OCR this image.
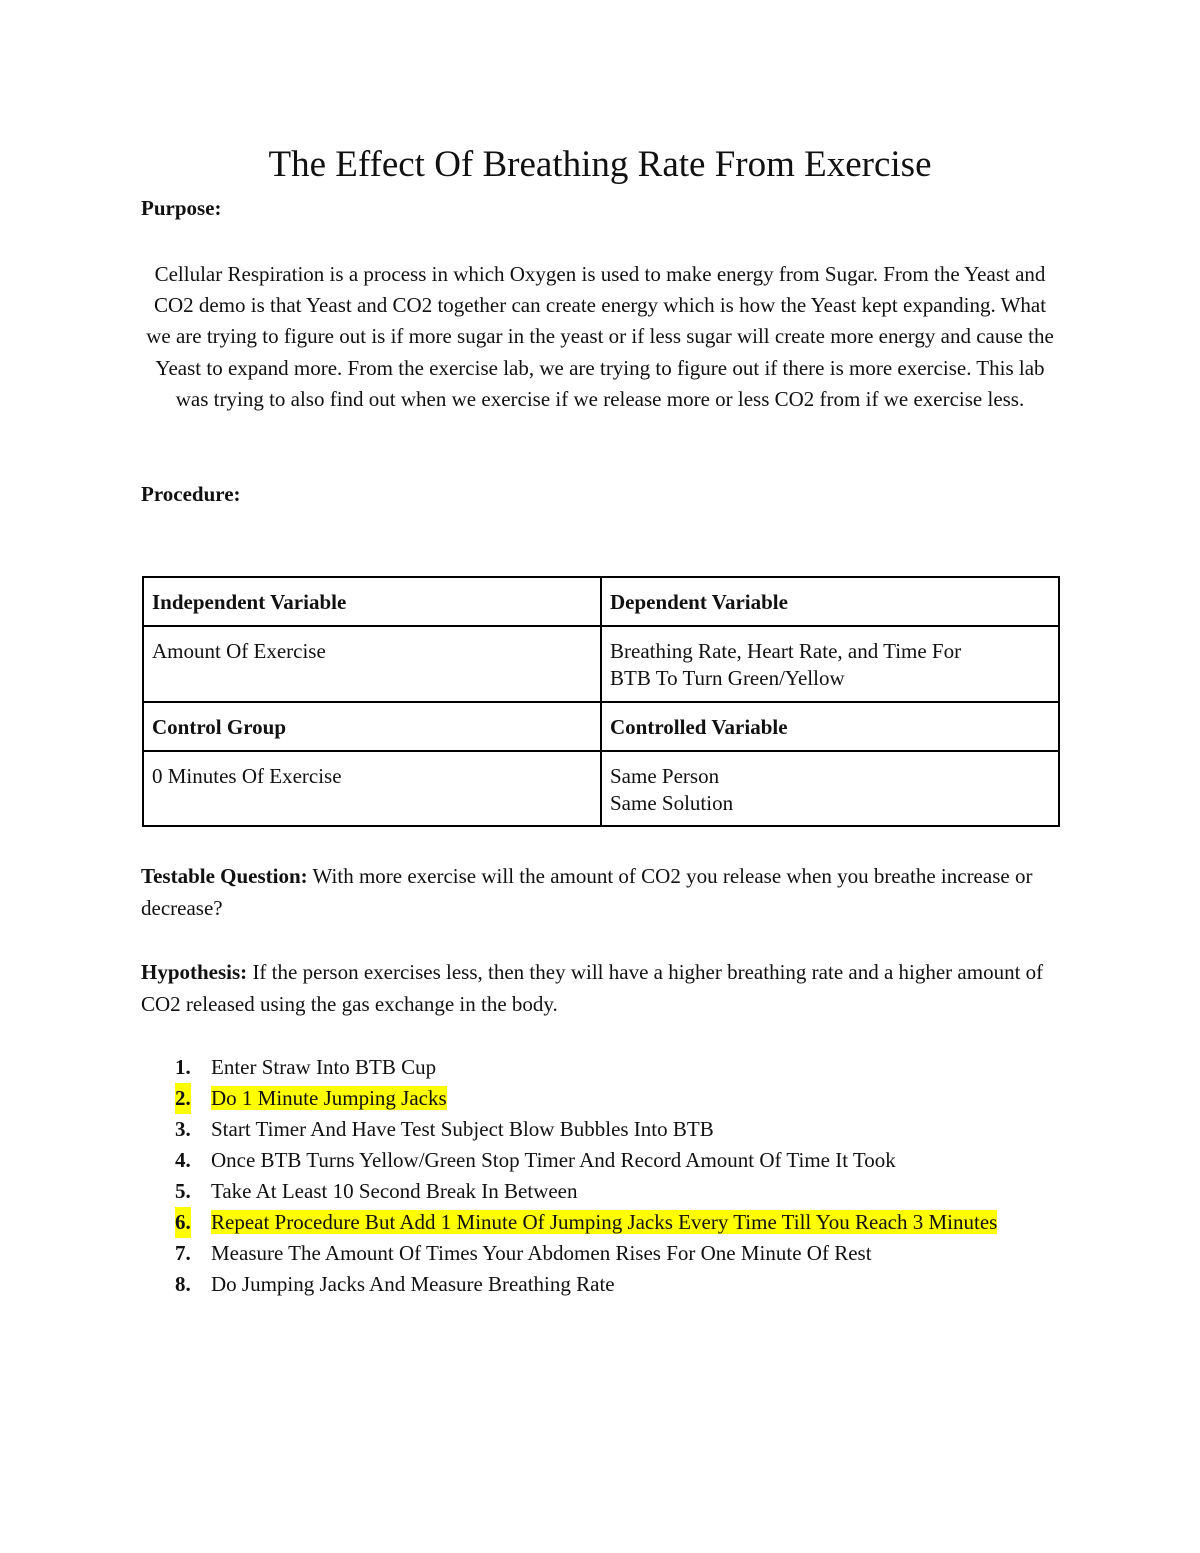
The Effect Of Breathing Rate From Exercise
Purpose:

Cellular Respiration is a process in which Oxygen is used to make energy from Sugar. From the Yeast and CO2 demo is that Yeast and CO2 together can create energy which is how the Yeast kept expanding. What we are trying to figure out is if more sugar in the yeast or if less sugar will create more energy and cause the Yeast to expand more. From the exercise lab, we are trying to figure out if there is more exercise. This lab was trying to also find out when we exercise if we release more or less CO2 from if we exercise less.

Procedure:
Independent Variable	Dependent Variable
Amount Of Exercise	Breathing Rate, Heart Rate, and Time For
BTB To Turn Green/Yellow
Control Group	Controlled Variable
0 Minutes Of Exercise	Same Person
Same Solution

Testable Question: With more exercise will the amount of CO2 you release when you breathe increase or decrease?

Hypothesis: If the person exercises less, then they will have a higher breathing rate and a higher amount of CO2 released using the gas exchange in the body.

1. Enter Straw Into BTB Cup
2. Do 1 Minute Jumping Jacks
3. Start Timer And Have Test Subject Blow Bubbles Into BTB
4. Once BTB Turns Yellow/Green Stop Timer And Record Amount Of Time It Took
5. Take At Least 10 Second Break In Between
6. Repeat Procedure But Add 1 Minute Of Jumping Jacks Every Time Till You Reach 3 Minutes
7. Measure The Amount Of Times Your Abdomen Rises For One Minute Of Rest
8. Do Jumping Jacks And Measure Breathing Rate
